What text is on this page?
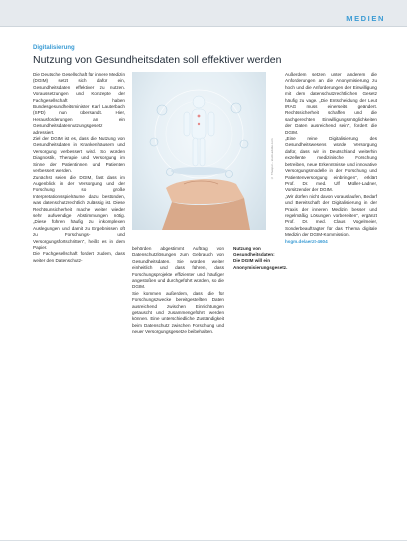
MEDIEN
Digitalisierung
Nutzung von Gesundheitsdaten soll effektiver werden

Die Deutsche Gesellschaft für innere Medizin (DGIM) setzt sich dafür ein, Gesundheitsdaten effektiver zu nutzen. Voraussetzungen und Konzepte der Fachgesellschaft haben Bundesgesundheitsminister Karl Lauterbach (SPD) nun übersandt. Hier, Herausforderungen an ein Gesundheitsdatennutzungsgesetz adressiert.

Ziel der DGIM ist es, dass die Nutzung von Gesundheitsdaten in Krankenhäusern und Versorgung verbessert wird. So würden Diagnostik, Therapie und Versorgung im Sinne der Patientinnen und Patienten verbessert werden.

Zunächst seien die DGIM, fast dass im Augenblick in der Versorgung und der Forschung so große Interpretationsspielräume dazu bestünden, was datenschutzrechtlich zulässig ist. Diese Rechtsunsicherheit mache weiter wieder sehr aufwendige Abstimmungen nötig. „Diese führen häufig zu inkomplexen Auslegungen und damit zu Ergebnissen oft zu Forschungs- und Versorgungsfortschritten“, heißt es in dem Papier.

Die Fachgesellschaft fordert zudem, dass weiter den Datenschutz-

© Thaspol – stock.adobe.com

behörden abgestimmt Auftrag von Datenschutzlösungen zum Gebrauch von Gesundheitsdaten. Sie würden weiter einheitlich und dass führen, dass Forschungsprojekte effizienter und häufiger angestoßen und durchgeführt würden, so die DGIM.

Sie kommen außerdem, dass die für Forschungszwecke bereitgestellten Daten ausreichend zwischen Einrichtungen getauscht und zusammengeführt werden können. Eine unterschiedliche Zuständigkeit beim Datenschutz zwischen Forschung und neuer Versorgungsgesetze beibehalten.

Nutzung von Gesundheitsdaten: Die DGIM will ein Anonymisierungsgesetz.

Außerdem setzen unter anderem die Anforderungen an die Anonymisierung zu hoch und die Anforderungen der Einwilligung mit dem datenschutzrechtlichen Gesetz häufig zu vage. „Die Entscheidung der Leut IRAG muss einerseits geändert. Rechtssicherheit schaffen und die sachgerechten Einwilligungsmöglichkeiten der Daten ausreichend sein“, fordert die DGIM.

„Eine reine Digitalisierung des Gesundheitswesens würde Versorgung dafür, dass wir in Deutschland weiterhin exzellente medizinische Forschung betreiben, neue Erkenntnisse und innovative Versorgungsmodelle in der Forschung und Patientenversorgung einbringen“, erklärt Prof. Dr. med. Ulf Müller-Ladner, Vorsitzender der DGIM.

„Wir dürfen nicht davon vorauslaufen, Bedarf und Bereitschaft der Digitalisierung in der Praxis der inneren Medizin besser und regelmäßig Lösungen vorbereiten“, ergänzt Prof. Dr. med. Claus Vogelmeier, Sonderbeauftragter für das Thema digitale Medizin der DGIM-Kommission.

hsgm.de/aerzt-4604
